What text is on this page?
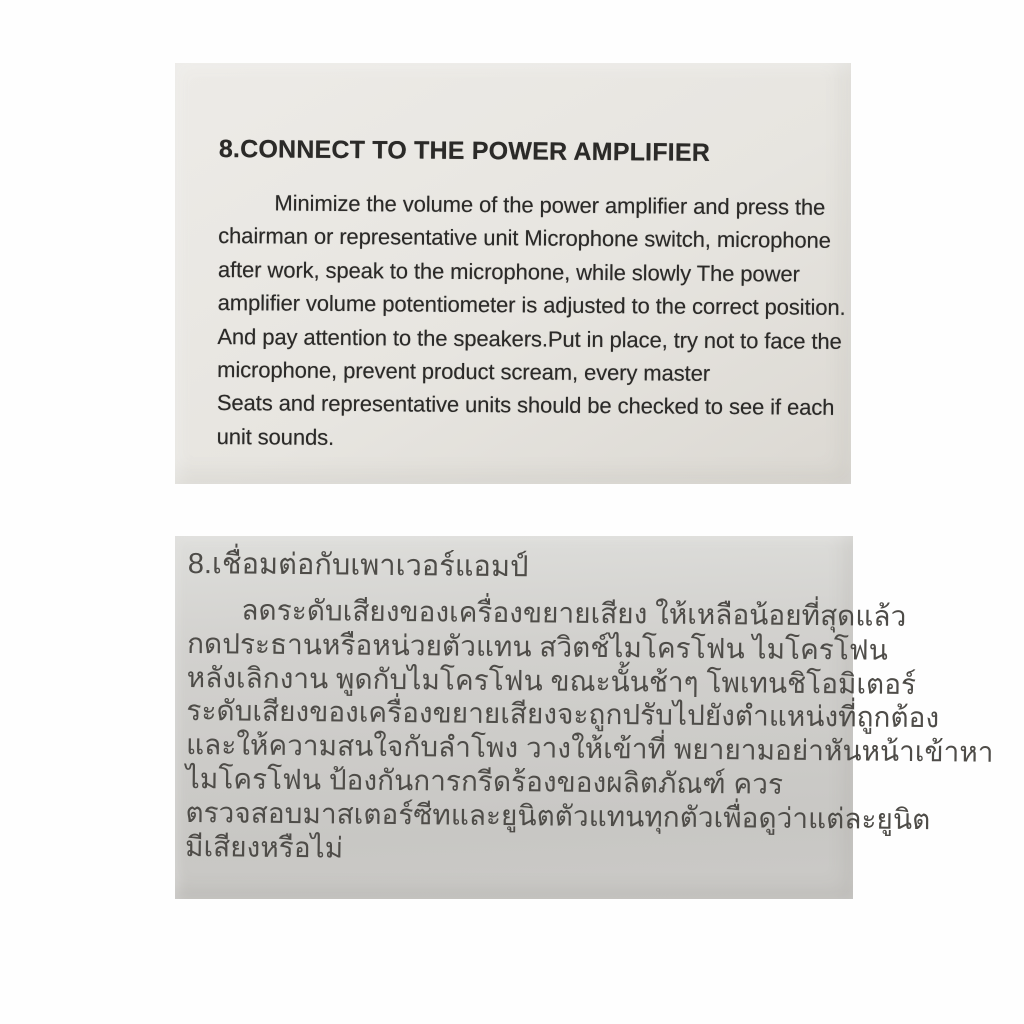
8.CONNECT TO THE POWER AMPLIFIER
Minimize the volume of the power amplifier and press the
chairman or representative unit Microphone switch, microphone
after work, speak to the microphone, while slowly The power
amplifier volume potentiometer is adjusted to the correct position.
And pay attention to the speakers.Put in place, try not to face the
microphone, prevent product scream, every master
Seats and representative units should be checked to see if each
unit sounds.
8.เชื่อมต่อกับเพาเวอร์แอมป์
ลดระดับเสียงของเครื่องขยายเสียง ให้เหลือน้อยที่สุดแล้ว
กดประธานหรือหน่วยตัวแทน สวิตช์ไมโครโฟน ไมโครโฟน
หลังเลิกงาน พูดกับไมโครโฟน ขณะนั้นช้าๆ โพเทนชิโอมิเตอร์
ระดับเสียงของเครื่องขยายเสียงจะถูกปรับไปยังตำแหน่งที่ถูกต้อง
และให้ความสนใจกับลำโพง วางให้เข้าที่ พยายามอย่าหันหน้าเข้าหา
ไมโครโฟน ป้องกันการกรีดร้องของผลิตภัณฑ์ ควร
ตรวจสอบมาสเตอร์ซีทและยูนิตตัวแทนทุกตัวเพื่อดูว่าแต่ละยูนิต
มีเสียงหรือไม่
